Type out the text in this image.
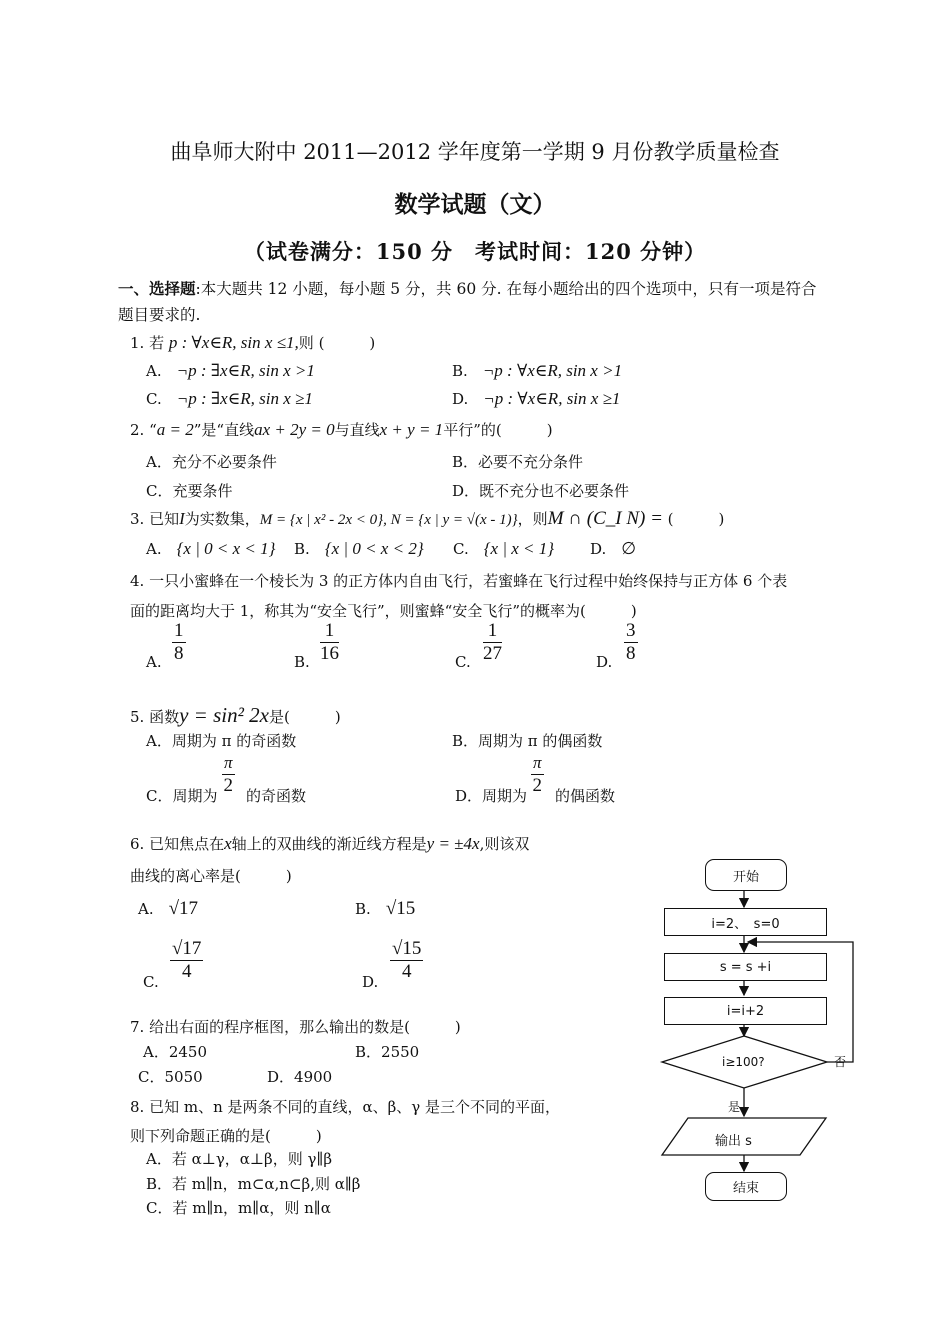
曲阜师大附中 2011—2012 学年度第一学期 9 月份教学质量检查
数学试题（文）
（试卷满分：150 分　考试时间：120 分钟）
一、选择题:本大题共 12 小题，每小题 5 分，共 60 分. 在每小题给出的四个选项中，只有一项是符合
题目要求的.
1. 若 p : ∀x∈R, sin x ≤1,则 (　　　)
A.　 ¬p : ∃x∈R, sin x >1	B.　 ¬p : ∀x∈R, sin x >1
C.　 ¬p : ∃x∈R, sin x ≥1	D.　 ¬p : ∀x∈R, sin x ≥1
2. “a = 2”是“直线ax + 2y = 0与直线x + y = 1平行”的(　　　)
A．充分不必要条件	B．必要不充分条件
C．充要条件	D．既不充分也不必要条件
3. 已知I为实数集，M = {x | x² - 2x < 0}, N = {x | y = √(x - 1)}，则M ∩ (C_I N) = (　　　)
A.　 {x | 0 < x < 1} B.　 {x | 0 < x < 2} C.　 {x | x < 1} D.　 ∅
4. 一只小蜜蜂在一个棱长为 3 的正方体内自由飞行，若蜜蜂在飞行过程中始终保持与正方体 6 个表
面的距离均大于 1，称其为“安全飞行”，则蜜蜂“安全飞行”的概率为(　　　)
A. $\frac{1}{8}$	B. $\frac{1}{16}$	C. $\frac{1}{27}$	D. $\frac{3}{8}$
5. 函数y = sin² 2x是(　　　)
A．周期为 π 的奇函数	B．周期为 π 的偶函数
C．周期为 $\frac{\pi}{2}$ 的奇函数	D．周期为 $\frac{\pi}{2}$ 的偶函数
6. 已知焦点在x轴上的双曲线的渐近线方程是y = ±4x,则该双
曲线的离心率是(　　　)
A.　 √17	B.　 √15
C. $\frac{√17}{4}$	D. $\frac{√15}{4}$
7. 给出右面的程序框图，那么输出的数是(　　　)
A．2450	B．2550
C．5050	D．4900
8. 已知 m、n 是两条不同的直线，α、β、γ 是三个不同的平面，
则下列命题正确的是(　　　)
A．若 α⊥γ，α⊥β，则 γ∥β
B．若 m∥n，m⊂α,n⊂β,则 α∥β
C．若 m∥n，m∥α，则 n∥α
开始
i=2、　s=0
s = s +i
i=i+2
i≥100?	否
是
输出 s
结束
